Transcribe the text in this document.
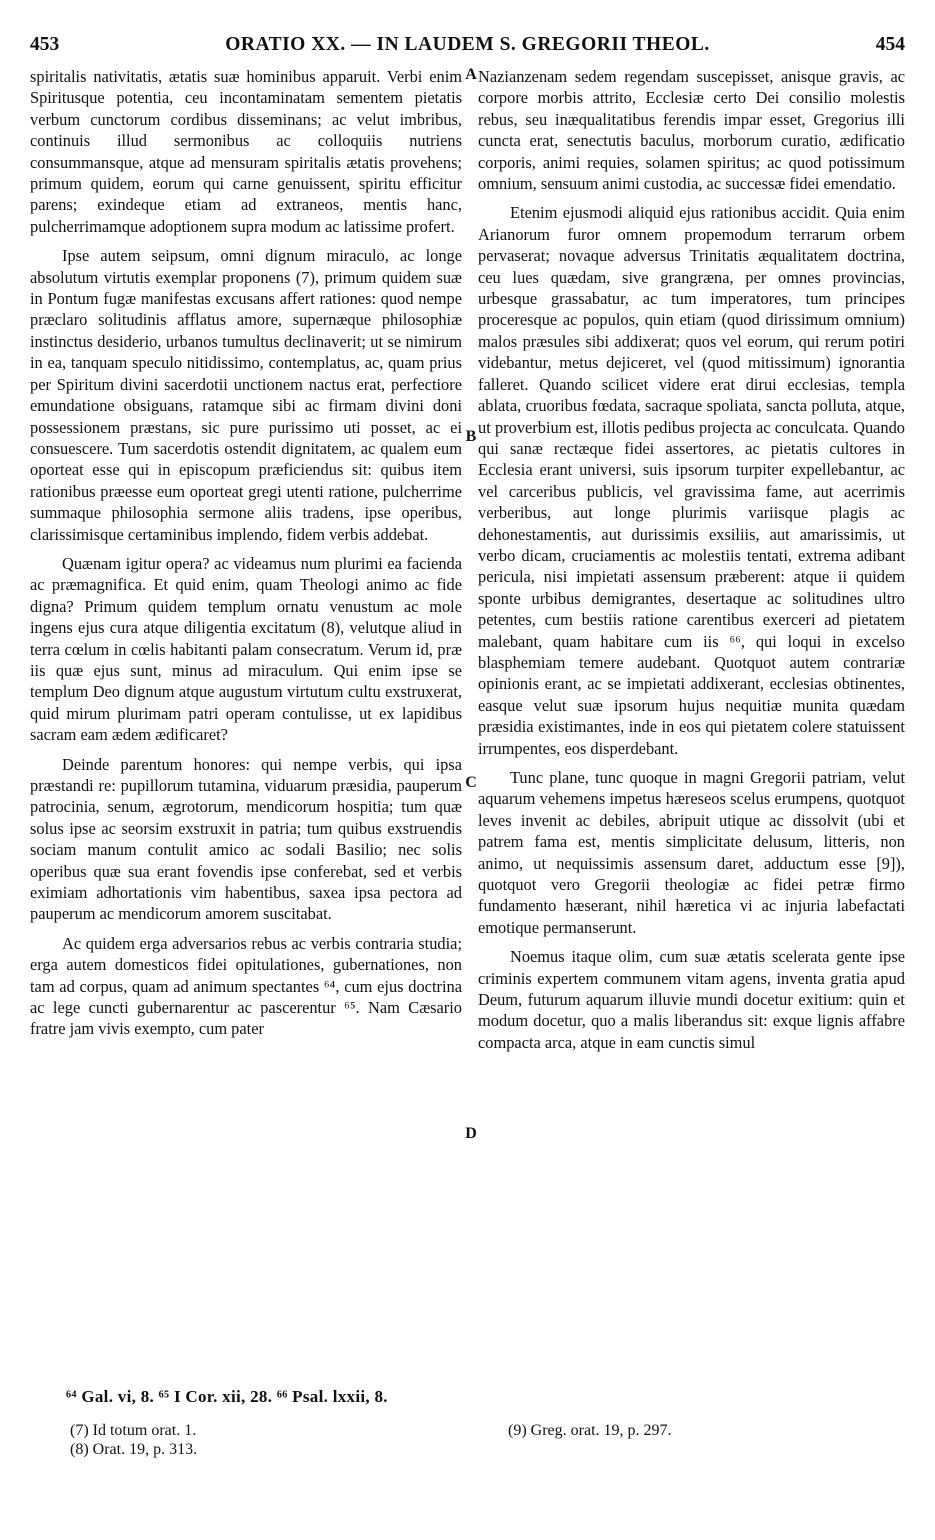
453	ORATIO XX. — IN LAUDEM S. GREGORII THEOL.	454

spiritalis nativitatis, ætatis suæ hominibus apparuit. Verbi enim Spiritusque potentia, ceu incontaminatam sementem pietatis verbum cunctorum cordibus disseminans; ac velut imbribus, continuis illud sermonibus ac colloquiis nutriens consummansque, atque ad mensuram spiritalis ætatis provehens; primum quidem, eorum qui carne genuissent, spiritu efficitur parens; exindeque etiam ad extraneos, mentis hanc, pulcherrimamque adoptionem supra modum ac latissime profert.

Ipse autem seipsum, omni dignum miraculo, ac longe absolutum virtutis exemplar proponens (7), primum quidem suæ in Pontum fugæ manifestas excusans affert rationes: quod nempe præclaro solitudinis afflatus amore, supernæque philosophiæ instinctus desiderio, urbanos tumultus declinaverit; ut se nimirum in ea, tanquam speculo nitidissimo, contemplatus, ac, quam prius per Spiritum divini sacerdotii unctionem nactus erat, perfectiore emundatione obsiguans, ratamque sibi ac firmam divini doni possessionem præstans, sic pure purissimo uti posset, ac ei consuescere. Tum sacerdotis ostendit dignitatem, ac qualem eum oporteat esse qui in episcopum præficiendus sit: quibus item rationibus præesse eum oporteat gregi utenti ratione, pulcherrime summaque philosophia sermone aliis tradens, ipse operibus, clarissimisque certaminibus implendo, fidem verbis addebat.

Quænam igitur opera? ac videamus num plurimi ea facienda ac præmagnifica. Et quid enim, quam Theologi animo ac fide digna? Primum quidem templum ornatu venustum ac mole ingens ejus cura atque diligentia excitatum (8), velutque aliud in terra cœlum in cœlis habitanti palam consecratum. Verum id, præ iis quæ ejus sunt, minus ad miraculum. Qui enim ipse se templum Deo dignum atque augustum virtutum cultu exstruxerat, quid mirum plurimam patri operam contulisse, ut ex lapidibus sacram eam ædem ædificaret?

Deinde parentum honores: qui nempe verbis, qui ipsa præstandi re: pupillorum tutamina, viduarum præsidia, pauperum patrocinia, senum, ægrotorum, mendicorum hospitia; tum quæ solus ipse ac seorsim exstruxit in patria; tum quibus exstruendis sociam manum contulit amico ac sodali Basilio; nec solis operibus quæ sua erant fovendis ipse conferebat, sed et verbis eximiam adhortationis vim habentibus, saxea ipsa pectora ad pauperum ac mendicorum amorem suscitabat.

Ac quidem erga adversarios rebus ac verbis contraria studia; erga autem domesticos fidei opitulationes, gubernationes, non tam ad corpus, quam ad animum spectantes ⁶⁴, cum ejus doctrina ac lege cuncti gubernarentur ac pascerentur ⁶⁵. Nam Cæsario fratre jam vivis exempto, cum pater

A
B
C
D

Nazianzenam sedem regendam suscepisset, anisque gravis, ac corpore morbis attrito, Ecclesiæ certo Dei consilio molestis rebus, seu inæqualitatibus ferendis impar esset, Gregorius illi cuncta erat, senectutis baculus, morborum curatio, ædificatio corporis, animi requies, solamen spiritus; ac quod potissimum omnium, sensuum animi custodia, ac successæ fidei emendatio.

Etenim ejusmodi aliquid ejus rationibus accidit. Quia enim Arianorum furor omnem propemodum terrarum orbem pervaserat; novaque adversus Trinitatis æqualitatem doctrina, ceu lues quædam, sive grangræna, per omnes provincias, urbesque grassabatur, ac tum imperatores, tum principes proceresque ac populos, quin etiam (quod dirissimum omnium) malos præsules sibi addixerat; quos vel eorum, qui rerum potiri videbantur, metus dejiceret, vel (quod mitissimum) ignorantia falleret. Quando scilicet videre erat dirui ecclesias, templa ablata, cruoribus fœdata, sacraque spoliata, sancta polluta, atque, ut proverbium est, illotis pedibus projecta ac conculcata. Quando qui sanæ rectæque fidei assertores, ac pietatis cultores in Ecclesia erant universi, suis ipsorum turpiter expellebantur, ac vel carceribus publicis, vel gravissima fame, aut acerrimis verberibus, aut longe plurimis variisque plagis ac dehonestamentis, aut durissimis exsiliis, aut amarissimis, ut verbo dicam, cruciamentis ac molestiis tentati, extrema adibant pericula, nisi impietati assensum præberent: atque ii quidem sponte urbibus demigrantes, desertaque ac solitudines ultro petentes, cum bestiis ratione carentibus exerceri ad pietatem malebant, quam habitare cum iis ⁶⁶, qui loqui in excelso blasphemiam temere audebant. Quotquot autem contrariæ opinionis erant, ac se impietati addixerant, ecclesias obtinentes, easque velut suæ ipsorum hujus nequitiæ munita quædam præsidia existimantes, inde in eos qui pietatem colere statuissent irrumpentes, eos disperdebant.

Tunc plane, tunc quoque in magni Gregorii patriam, velut aquarum vehemens impetus hæreseos scelus erumpens, quotquot leves invenit ac debiles, abripuit utique ac dissolvit (ubi et patrem fama est, mentis simplicitate delusum, litteris, non animo, ut nequissimis assensum daret, adductum esse [9]), quotquot vero Gregorii theologiæ ac fidei petræ firmo fundamento hæserant, nihil hæretica vi ac injuria labefactati emotique permanserunt.

Noemus itaque olim, cum suæ ætatis scelerata gente ipse criminis expertem communem vitam agens, inventa gratia apud Deum, futurum aquarum illuvie mundi docetur exitium: quin et modum docetur, quo a malis liberandus sit: exque lignis affabre compacta arca, atque in eam cunctis simul

⁶⁴ Gal. vi, 8. ⁶⁵ I Cor. xii, 28. ⁶⁶ Psal. lxxii, 8.
(7) Id totum orat. 1.
(8) Orat. 19, p. 313.
(9) Greg. orat. 19, p. 297.
